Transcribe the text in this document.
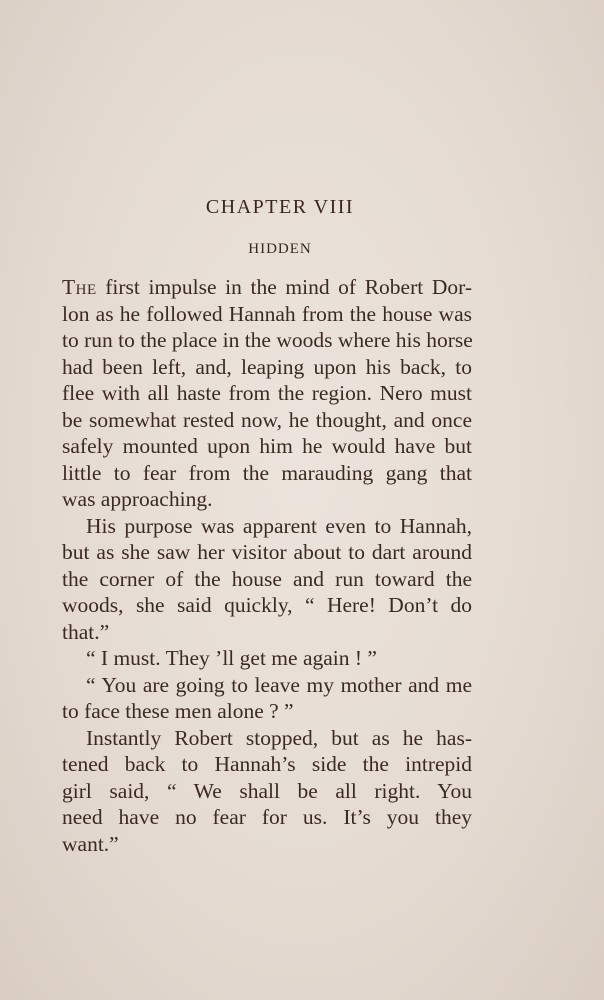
CHAPTER VIII
HIDDEN
The first impulse in the mind of Robert Dor-
lon as he followed Hannah from the house was
to run to the place in the woods where his horse
had been left, and, leaping upon his back, to
flee with all haste from the region. Nero must
be somewhat rested now, he thought, and once
safely mounted upon him he would have but
little to fear from the marauding gang that
was approaching.
His purpose was apparent even to Hannah,
but as she saw her visitor about to dart around
the corner of the house and run toward the
woods, she said quickly, “ Here! Don’t do
that.”
“ I must. They ’ll get me again ! ”
“ You are going to leave my mother and me
to face these men alone ? ”
Instantly Robert stopped, but as he has-
tened back to Hannah’s side the intrepid
girl said, “ We shall be all right. You
need have no fear for us. It’s you they
want.”
